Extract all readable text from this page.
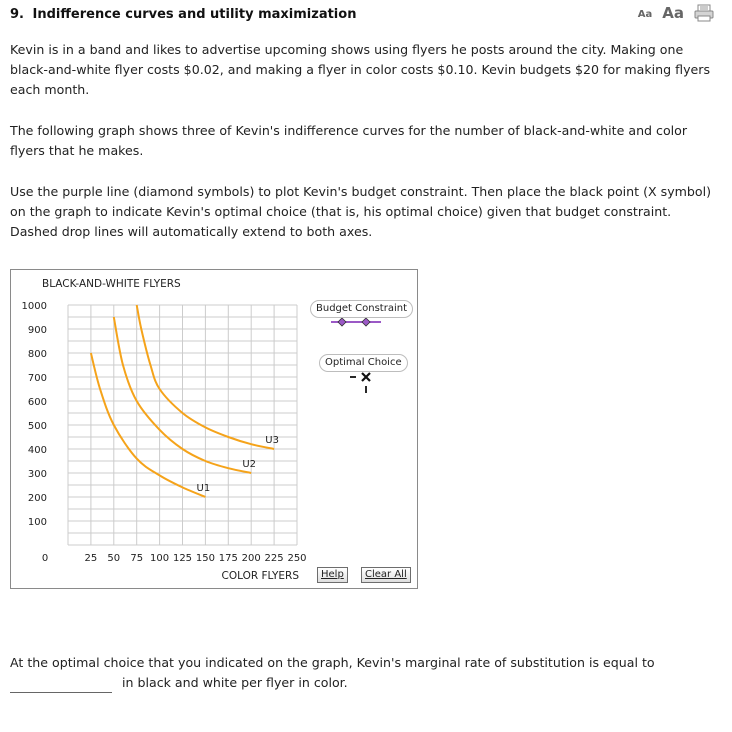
9. Indifference curves and utility maximization	Aa Aa
Kevin is in a band and likes to advertise upcoming shows using flyers he posts around the city. Making one black-and-white flyer costs $0.02, and making a flyer in color costs $0.10. Kevin budgets $20 for making flyers each month.
The following graph shows three of Kevin's indifference curves for the number of black-and-white and color flyers that he makes.
Use the purple line (diamond symbols) to plot Kevin's budget constraint. Then place the black point (X symbol) on the graph to indicate Kevin's optimal choice (that is, his optimal choice) given that budget constraint. Dashed drop lines will automatically extend to both axes.
U1
U2
U3
100
200
300
400
500
600
700
800
900
1000
0	25 50 75 100 125 150 175 200 225 250
BLACK-AND-WHITE FLYERS
COLOR FLYERS
Budget Constraint
Optimal Choice
Help	Clear All
At the optimal choice that you indicated on the graph, Kevin's marginal rate of substitution is equal to
in black and white per flyer in color.
